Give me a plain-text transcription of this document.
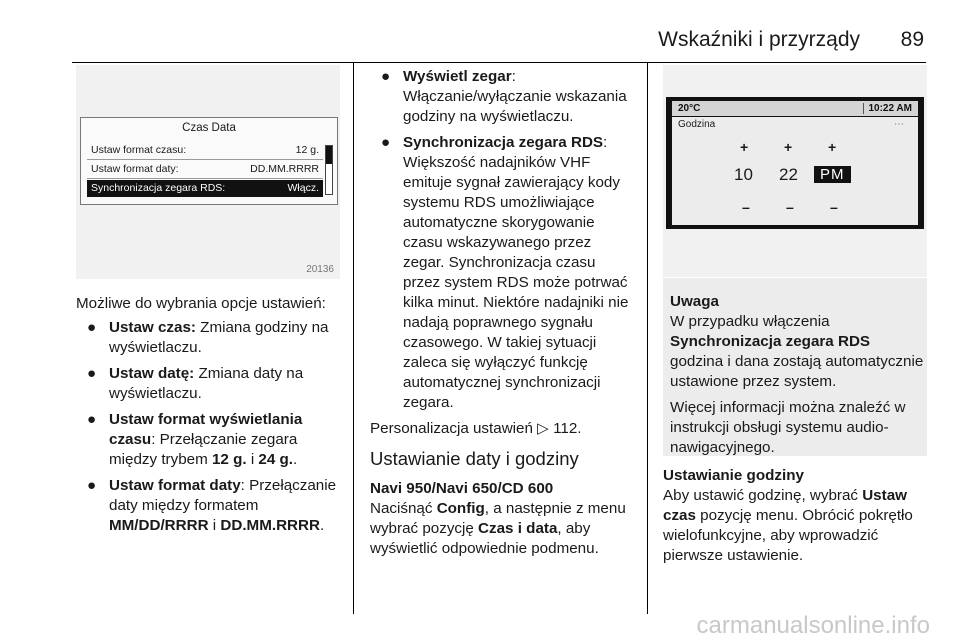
Wskaźniki i przyrządy 89
Czas Data
Ustaw format czasu:	12 g.
Ustaw format daty:	DD.MM.RRRR
Synchronizacja zegara RDS:	Włącz.
20136

Możliwe do wybrania opcje ustawień:

● Ustaw czas: Zmiana godziny na wyświetlaczu.
● Ustaw datę: Zmiana daty na wyświetlaczu.
● Ustaw format wyświetlania czasu: Przełączanie zegara między trybem 12 g. i 24 g..
● Ustaw format daty: Przełączanie daty między formatem MM/DD/RRRR i DD.MM.RRRR.
● Wyświetl zegar: Włączanie/wyłączanie wskazania godziny na wyświetlaczu.
● Synchronizacja zegara RDS: Większość nadajników VHF emituje sygnał zawierający kody systemu RDS umożliwiające automatyczne skorygowanie czasu wskazywanego przez zegar. Synchronizacja czasu przez system RDS może potrwać kilka minut. Niektóre nadajniki nie nadają poprawnego sygnału czasowego. W takiej sytuacji zaleca się wyłączyć funkcję automatycznej synchronizacji zegara.

Personalizacja ustawień ▷ 112.

Ustawianie daty i godziny
Navi 950/Navi 650/CD 600

Naciśnąć Config, a następnie z menu wybrać pozycję Czas i data, aby wyświetlić odpowiednie podmenu.

20°C	10:22 AM
Godzina	⋯
+	+	+
10 22	PM
–	–	–
Uwaga

W przypadku włączenia Synchronizacja zegara RDS godzina i dana zostają automatycznie ustawione przez system.

Więcej informacji można znaleźć w instrukcji obsługi systemu audio-nawigacyjnego.

Ustawianie godziny

Aby ustawić godzinę, wybrać Ustaw czas pozycję menu. Obrócić pokrętło wielofunkcyjne, aby wprowadzić pierwsze ustawienie.

carmanualsonline.info
